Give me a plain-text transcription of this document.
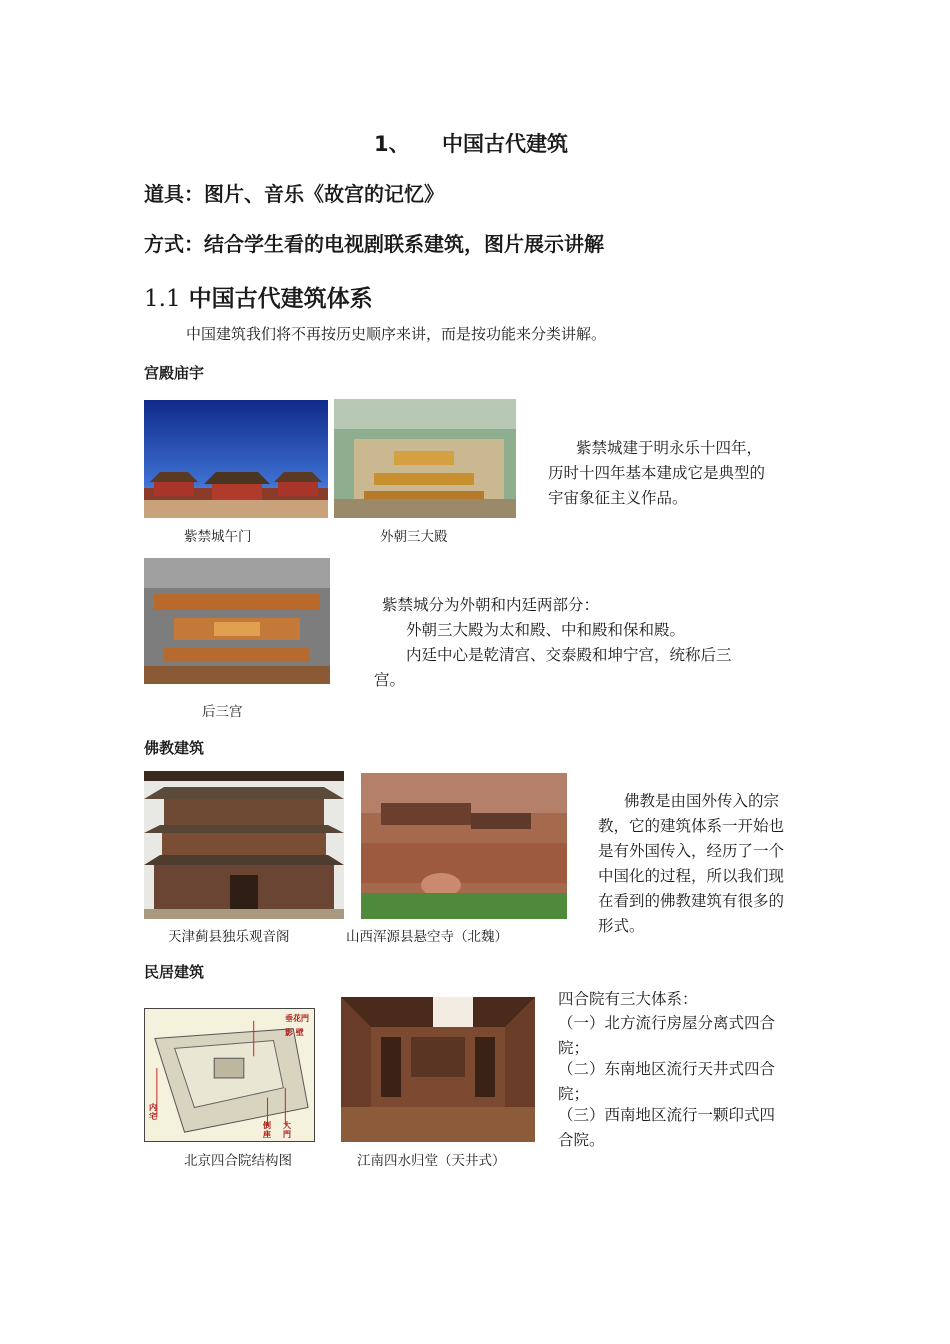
1、 中国古代建筑
道具：图片、音乐《故宫的记忆》
方式：结合学生看的电视剧联系建筑，图片展示讲解
1.1 中国古代建筑体系
中国建筑我们将不再按历史顺序来讲，而是按功能来分类讲解。
宫殿庙宇
紫禁城午门	外朝三大殿
紫禁城建于明永乐十四年，历时十四年基本建成它是典型的宇宙象征主义作品。
后三宫
紫禁城分为外朝和内廷两部分：
外朝三大殿为太和殿、中和殿和保和殿。
内廷中心是乾清宫、交泰殿和坤宁宫，统称后三宫。
佛教建筑
天津蓟县独乐观音阁	山西浑源县悬空寺（北魏）
佛教是由国外传入的宗教，它的建筑体系一开始也是有外国传入，经历了一个中国化的过程，所以我们现在看到的佛教建筑有很多的形式。
民居建筑
垂花門
影 壁
内宅
倒座
大門
北京四合院结构图	江南四水归堂（天井式）
四合院有三大体系：
（一）北方流行房屋分离式四合院；
（二）东南地区流行天井式四合院；
（三）西南地区流行一颗印式四合院。
